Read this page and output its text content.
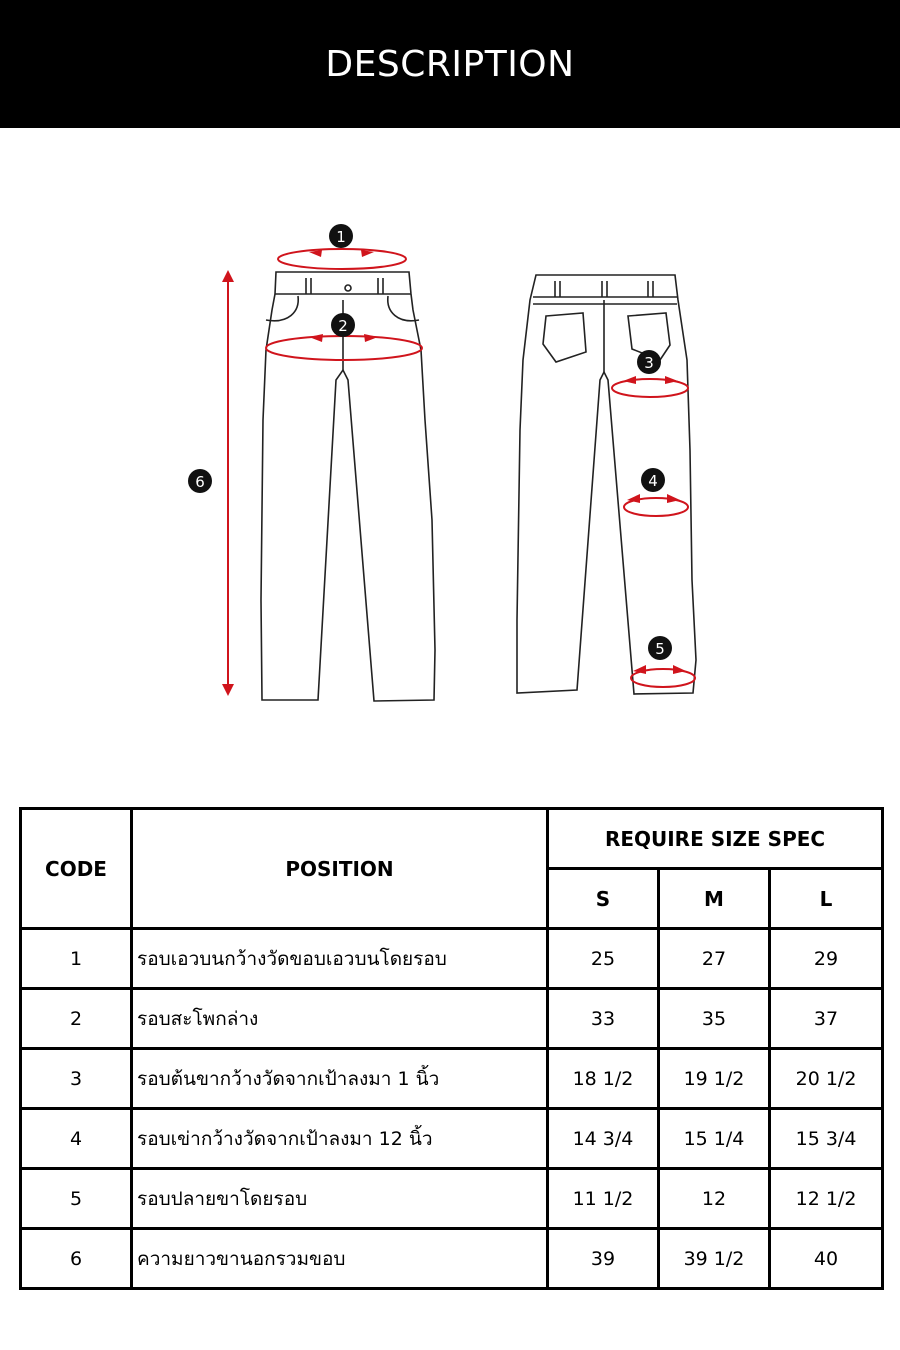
DESCRIPTION
1
2
3
4
5
6
CODE	POSITION	REQUIRE SIZE SPEC		
		S	M	L
1	รอบเอวบนกว้างวัดขอบเอวบนโดยรอบ	25	27	29
2	รอบสะโพกล่าง	33	35	37
3	รอบต้นขากว้างวัดจากเป้าลงมา 1 นิ้ว	18 1/2	19 1/2	20 1/2
4	รอบเข่ากว้างวัดจากเป้าลงมา 12 นิ้ว	14 3/4	15 1/4	15 3/4
5	รอบปลายขาโดยรอบ	11 1/2	12	12 1/2
6	ความยาวขานอกรวมขอบ	39	39 1/2	40
